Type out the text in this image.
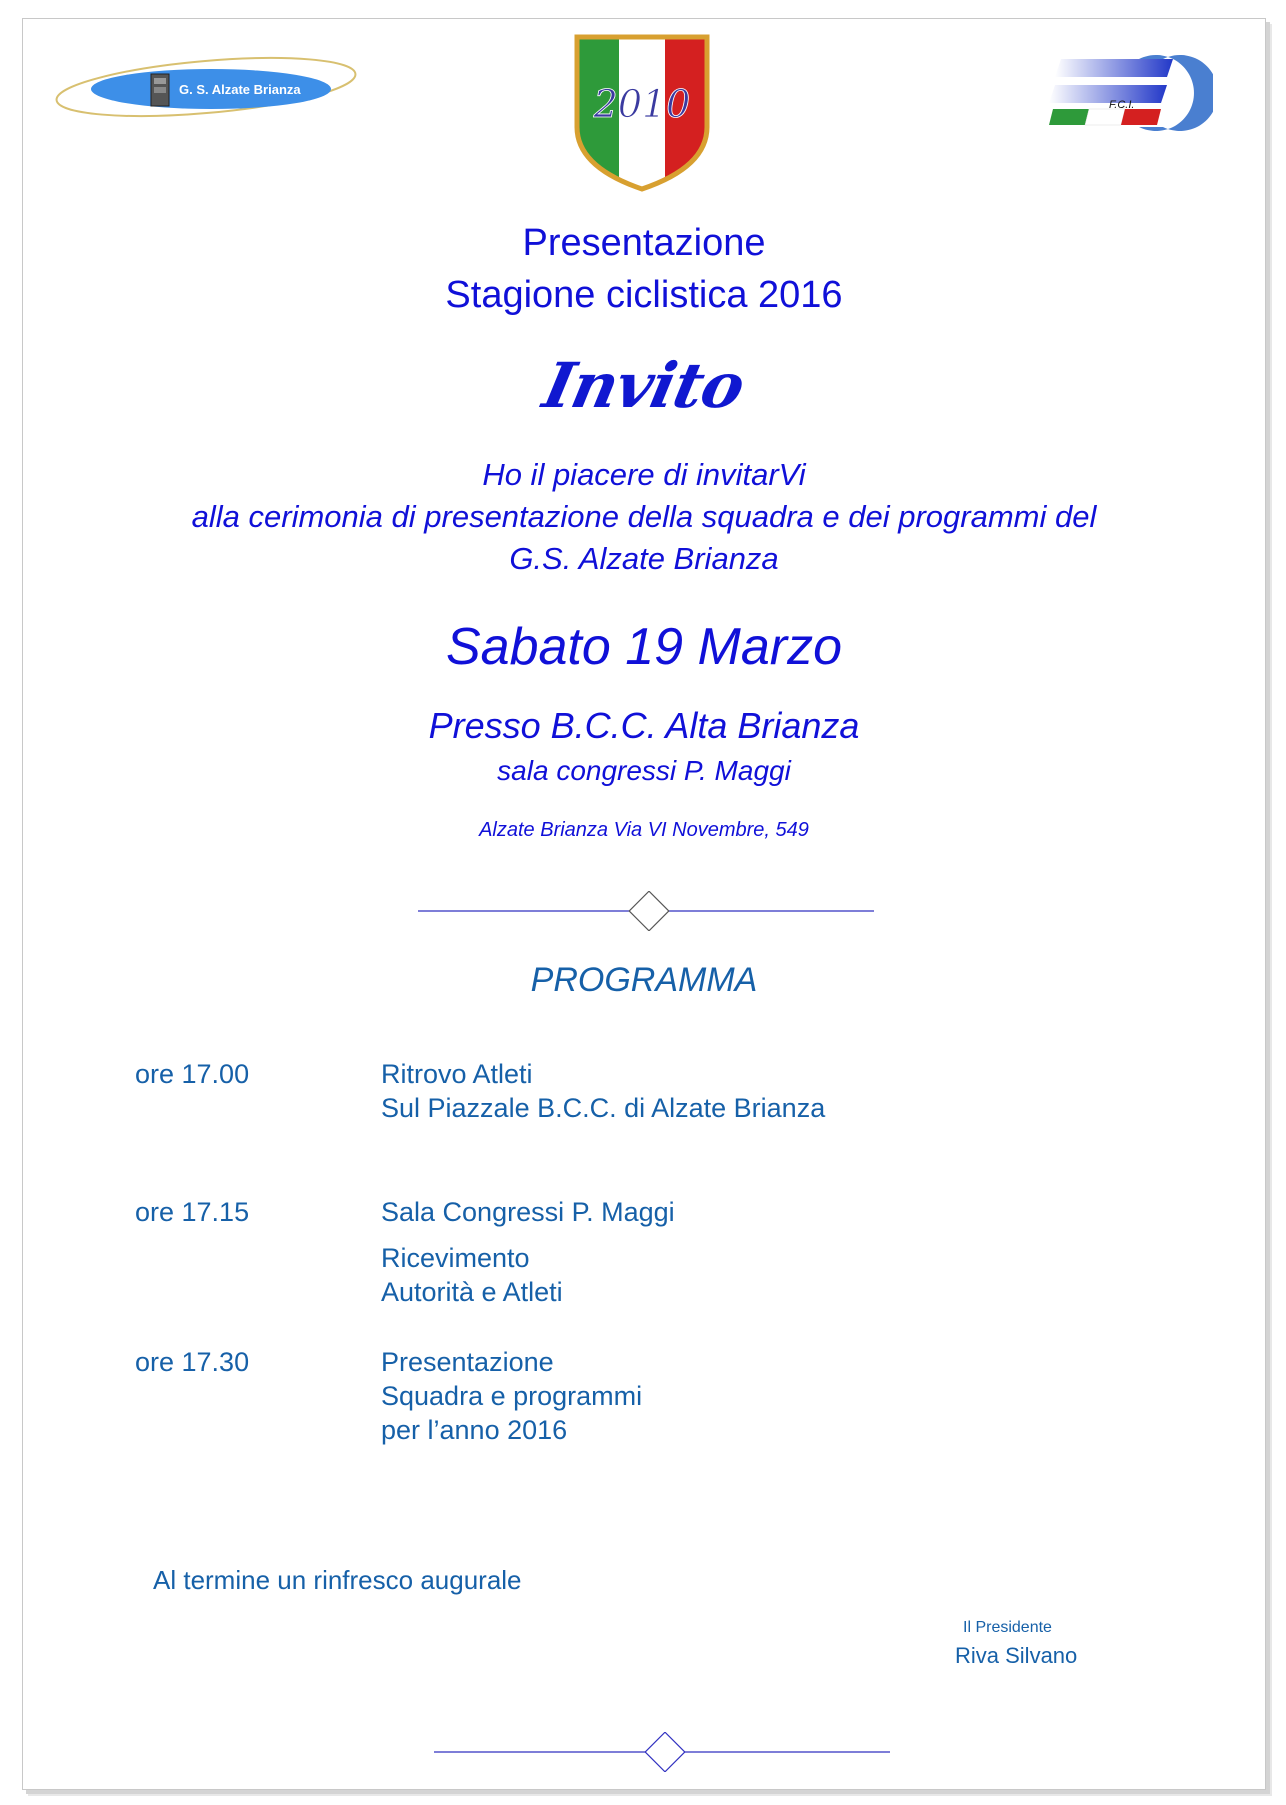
G. S. Alzate Brianza	2010	F.C.I.
Presentazione
Stagione ciclistica 2016
Invito
Ho il piacere di invitarVi
alla cerimonia di presentazione della squadra e dei programmi del
G.S. Alzate Brianza
Sabato 19 Marzo
Presso B.C.C. Alta Brianza
sala congressi P. Maggi
Alzate Brianza Via VI Novembre, 549
PROGRAMMA
ore 17.00	Ritrovo Atleti
Sul Piazzale B.C.C. di Alzate Brianza
ore 17.15	Sala Congressi P. Maggi
Ricevimento
Autorità e Atleti
ore 17.30	Presentazione
Squadra e programmi
per l’anno 2016
Al termine un rinfresco augurale
Il Presidente
Riva Silvano
